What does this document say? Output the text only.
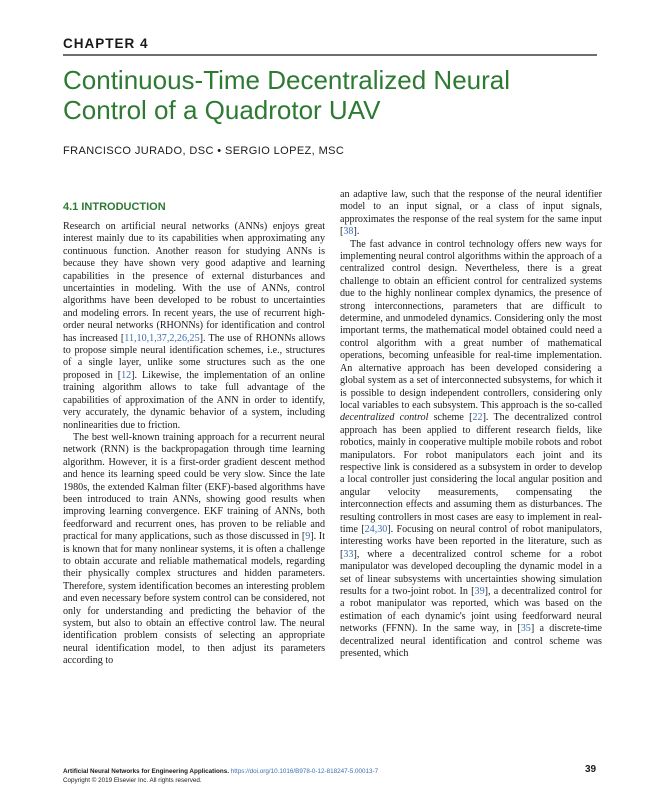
CHAPTER 4
Continuous-Time Decentralized Neural
Control of a Quadrotor UAV
FRANCISCO JURADO, DSC • SERGIO LOPEZ, MSC
4.1 INTRODUCTION

Research on artificial neural networks (ANNs) enjoys great interest mainly due to its capabilities when approximating any continuous function. Another reason for studying ANNs is because they have shown very good adaptive and learning capabilities in the presence of external disturbances and uncertainties in modeling. With the use of ANNs, control algorithms have been developed to be robust to uncertainties and modeling errors. In recent years, the use of recurrent high-order neural networks (RHONNs) for identification and control has increased [11,10,1,37,2,26,25]. The use of RHONNs allows to propose simple neural identification schemes, i.e., structures of a single layer, unlike some structures such as the one proposed in [12]. Likewise, the implementation of an online training algorithm allows to take full advantage of the capabilities of approximation of the ANN in order to identify, very accurately, the dynamic behavior of a system, including nonlinearities due to friction.

The best well-known training approach for a recurrent neural network (RNN) is the backpropagation through time learning algorithm. However, it is a first-order gradient descent method and hence its learning speed could be very slow. Since the late 1980s, the extended Kalman filter (EKF)-based algorithms have been introduced to train ANNs, showing good results when improving learning convergence. EKF training of ANNs, both feedforward and recurrent ones, has proven to be reliable and practical for many applications, such as those discussed in [9]. It is known that for many nonlinear systems, it is often a challenge to obtain accurate and reliable mathematical models, regarding their physically complex structures and hidden parameters. Therefore, system identification becomes an interesting problem and even necessary before system control can be considered, not only for understanding and predicting the behavior of the system, but also to obtain an effective control law. The neural identification problem consists of selecting an appropriate neural identification model, to then adjust its parameters according to

an adaptive law, such that the response of the neural identifier model to an input signal, or a class of input signals, approximates the response of the real system for the same input [38].

The fast advance in control technology offers new ways for implementing neural control algorithms within the approach of a centralized control design. Nevertheless, there is a great challenge to obtain an efficient control for centralized systems due to the highly nonlinear complex dynamics, the presence of strong interconnections, parameters that are difficult to determine, and unmodeled dynamics. Considering only the most important terms, the mathematical model obtained could need a control algorithm with a great number of mathematical operations, becoming unfeasible for real-time implementation. An alternative approach has been developed considering a global system as a set of interconnected subsystems, for which it is possible to design independent controllers, considering only local variables to each subsystem. This approach is the so-called decentralized control scheme [22]. The decentralized control approach has been applied to different research fields, like robotics, mainly in cooperative multiple mobile robots and robot manipulators. For robot manipulators each joint and its respective link is considered as a subsystem in order to develop a local controller just considering the local angular position and angular velocity measurements, compensating the interconnection effects and assuming them as disturbances. The resulting controllers in most cases are easy to implement in real-time [24,30]. Focusing on neural control of robot manipulators, interesting works have been reported in the literature, such as [33], where a decentralized control scheme for a robot manipulator was developed decoupling the dynamic model in a set of linear subsystems with uncertainties showing simulation results for a two-joint robot. In [39], a decentralized control for a robot manipulator was reported, which was based on the estimation of each dynamic's joint using feedforward neural networks (FFNN). In the same way, in [35] a discrete-time decentralized neural identification and control scheme was presented, which

Artificial Neural Networks for Engineering Applications. https://doi.org/10.1016/B978-0-12-818247-5.00013-7
Copyright © 2019 Elsevier Inc. All rights reserved.
39
